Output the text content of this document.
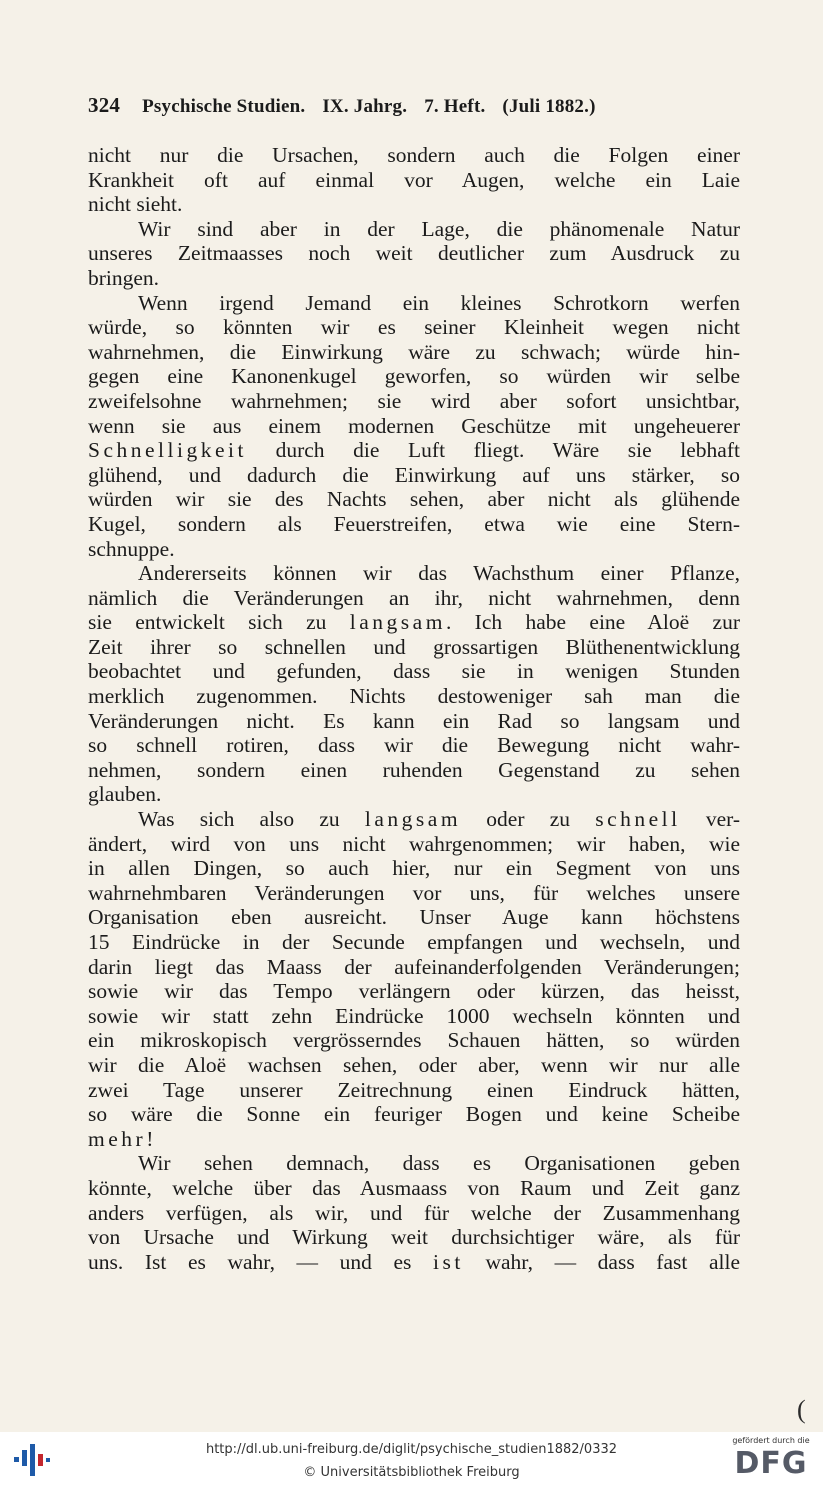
324 Psychische Studien. IX. Jahrg. 7. Heft. (Juli 1882.)
nicht nur die Ursachen, sondern auch die Folgen einer
Krankheit oft auf einmal vor Augen, welche ein Laie
nicht sieht.
Wir sind aber in der Lage, die phänomenale Natur
unseres Zeitmaasses noch weit deutlicher zum Ausdruck zu
bringen.
Wenn irgend Jemand ein kleines Schrotkorn werfen
würde, so könnten wir es seiner Kleinheit wegen nicht
wahrnehmen, die Einwirkung wäre zu schwach; würde hin-
gegen eine Kanonenkugel geworfen, so würden wir selbe
zweifelsohne wahrnehmen; sie wird aber sofort unsichtbar,
wenn sie aus einem modernen Geschütze mit ungeheuerer
Schnelligkeit durch die Luft fliegt. Wäre sie lebhaft
glühend, und dadurch die Einwirkung auf uns stärker, so
würden wir sie des Nachts sehen, aber nicht als glühende
Kugel, sondern als Feuerstreifen, etwa wie eine Stern-
schnuppe.
Andererseits können wir das Wachsthum einer Pflanze,
nämlich die Veränderungen an ihr, nicht wahrnehmen, denn
sie entwickelt sich zu langsam. Ich habe eine Aloë zur
Zeit ihrer so schnellen und grossartigen Blüthenentwicklung
beobachtet und gefunden, dass sie in wenigen Stunden
merklich zugenommen. Nichts destoweniger sah man die
Veränderungen nicht. Es kann ein Rad so langsam und
so schnell rotiren, dass wir die Bewegung nicht wahr-
nehmen, sondern einen ruhenden Gegenstand zu sehen
glauben.
Was sich also zu langsam oder zu schnell ver-
ändert, wird von uns nicht wahrgenommen; wir haben, wie
in allen Dingen, so auch hier, nur ein Segment von uns
wahrnehmbaren Veränderungen vor uns, für welches unsere
Organisation eben ausreicht. Unser Auge kann höchstens
15 Eindrücke in der Secunde empfangen und wechseln, und
darin liegt das Maass der aufeinanderfolgenden Veränderungen;
sowie wir das Tempo verlängern oder kürzen, das heisst,
sowie wir statt zehn Eindrücke 1000 wechseln könnten und
ein mikroskopisch vergrösserndes Schauen hätten, so würden
wir die Aloë wachsen sehen, oder aber, wenn wir nur alle
zwei Tage unserer Zeitrechnung einen Eindruck hätten,
so wäre die Sonne ein feuriger Bogen und keine Scheibe
mehr!
Wir sehen demnach, dass es Organisationen geben
könnte, welche über das Ausmaass von Raum und Zeit ganz
anders verfügen, als wir, und für welche der Zusammenhang
von Ursache und Wirkung weit durchsichtiger wäre, als für
uns. Ist es wahr, — und es ist wahr, — dass fast alle
(
http://dl.ub.uni-freiburg.de/diglit/psychische_studien1882/0332
© Universitätsbibliothek Freiburg
gefördert durch die
DFG
